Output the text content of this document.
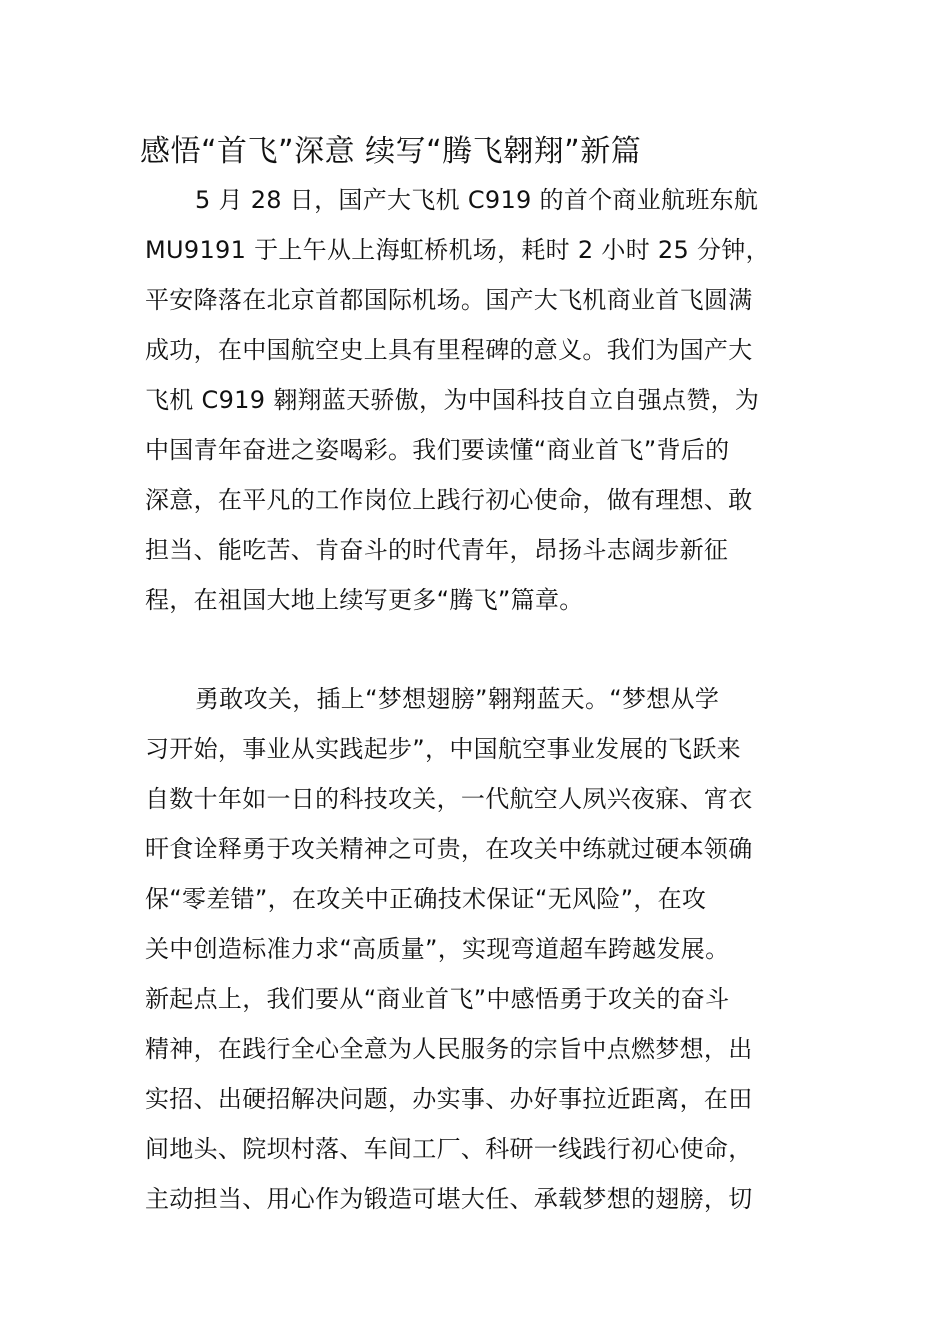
感悟“首飞”深意 续写“腾飞翱翔”新篇

5 月 28 日，国产大飞机 C919 的首个商业航班东航

MU9191 于上午从上海虹桥机场，耗时 2 小时 25 分钟，

平安降落在北京首都国际机场。国产大飞机商业首飞圆满

成功，在中国航空史上具有里程碑的意义。我们为国产大

飞机 C919 翱翔蓝天骄傲，为中国科技自立自强点赞，为

中国青年奋进之姿喝彩。我们要读懂“商业首飞”背后的

深意，在平凡的工作岗位上践行初心使命，做有理想、敢

担当、能吃苦、肯奋斗的时代青年，昂扬斗志阔步新征

程，在祖国大地上续写更多“腾飞”篇章。

勇敢攻关，插上“梦想翅膀”翱翔蓝天。“梦想从学

习开始，事业从实践起步”，中国航空事业发展的飞跃来

自数十年如一日的科技攻关，一代航空人夙兴夜寐、宵衣

旰食诠释勇于攻关精神之可贵，在攻关中练就过硬本领确

保“零差错”，在攻关中正确技术保证“无风险”，在攻

关中创造标准力求“高质量”，实现弯道超车跨越发展。

新起点上，我们要从“商业首飞”中感悟勇于攻关的奋斗

精神，在践行全心全意为人民服务的宗旨中点燃梦想，出

实招、出硬招解决问题，办实事、办好事拉近距离，在田

间地头、院坝村落、车间工厂、科研一线践行初心使命，

主动担当、用心作为锻造可堪大任、承载梦想的翅膀，切
